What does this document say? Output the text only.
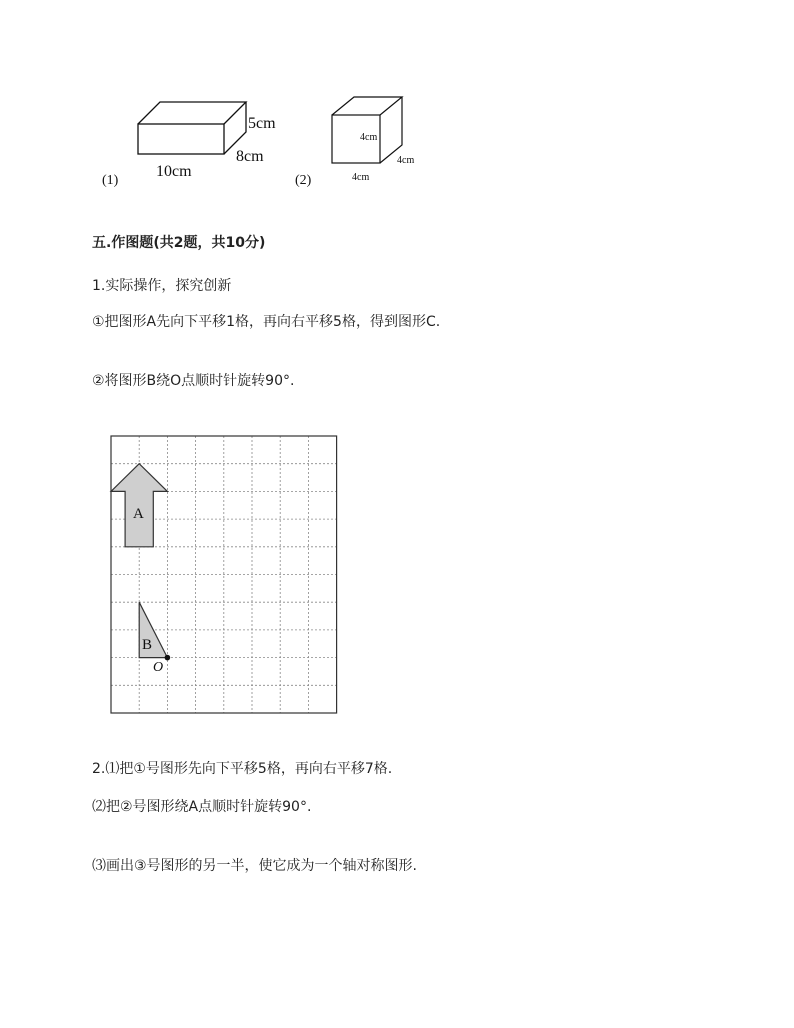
5cm
8cm
10cm
(1)
4cm
4cm
4cm
(2)
五.作图题(共2题，共10分)
1.实际操作，探究创新
①把图形A先向下平移1格，再向右平移5格，得到图形C.
②将图形B绕O点顺时针旋转90°.
A
B
O
2.⑴把①号图形先向下平移5格，再向右平移7格.
⑵把②号图形绕A点顺时针旋转90°.
⑶画出③号图形的另一半，使它成为一个轴对称图形.
